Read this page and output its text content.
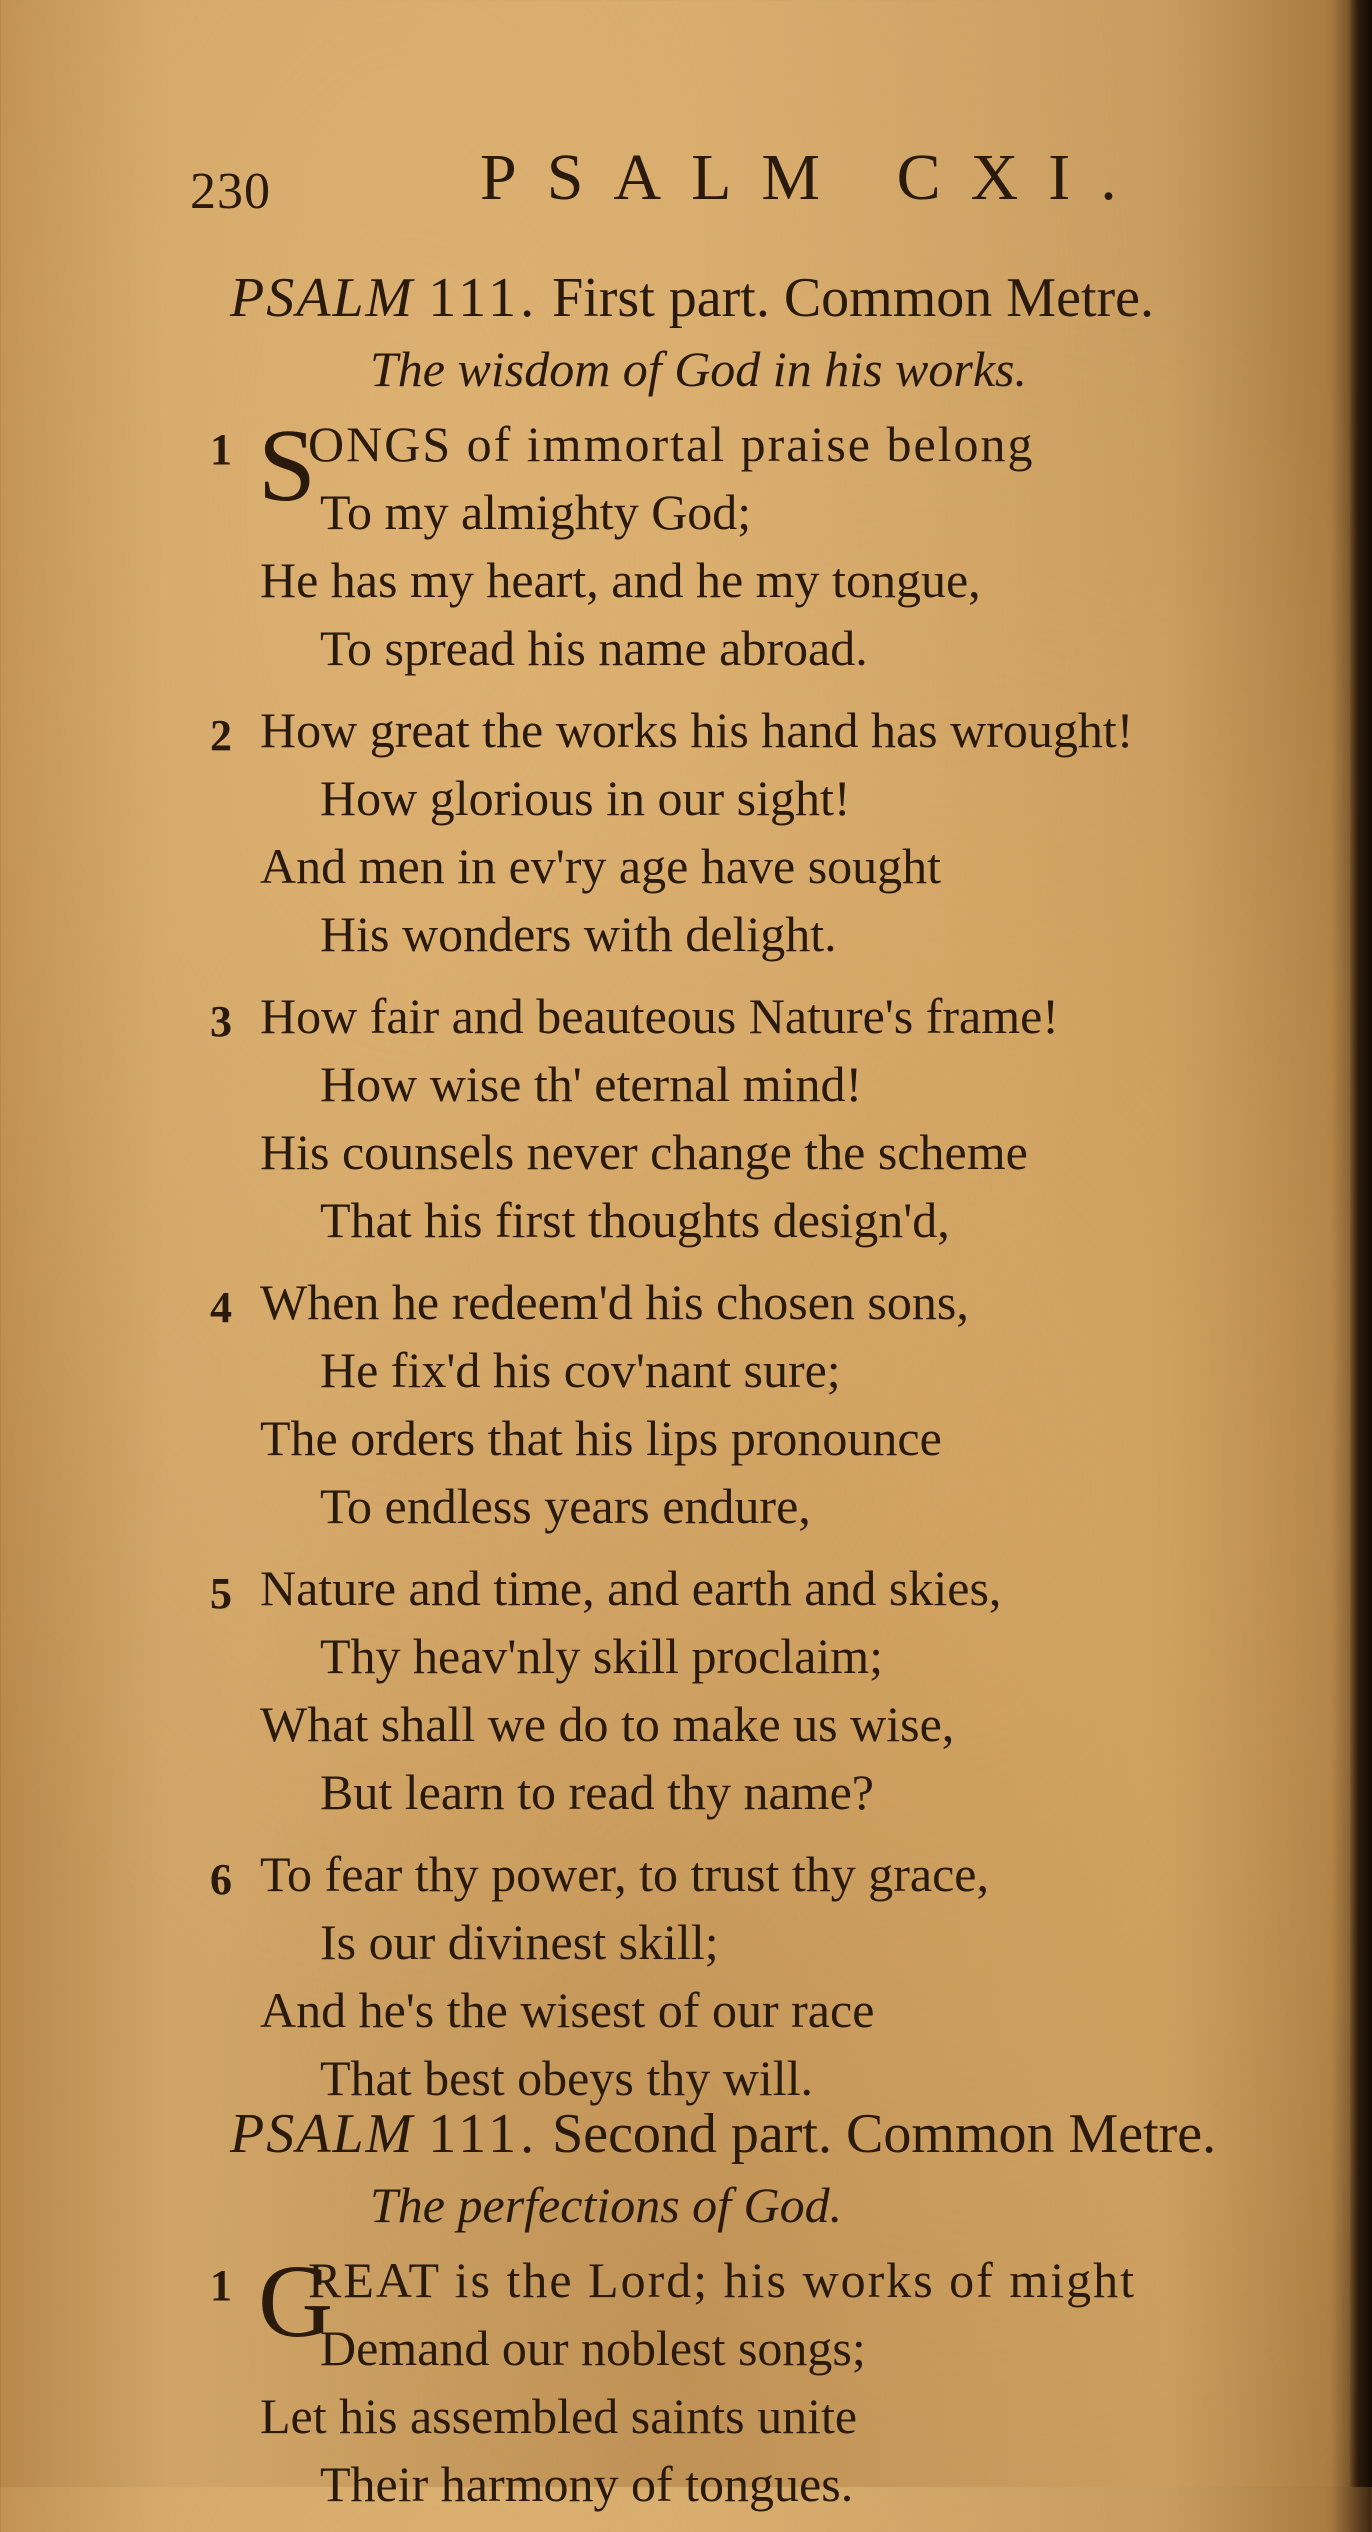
230	PSALM CXI.
PSALM 111. First part. Common Metre.
The wisdom of God in his works.
1 S
ONGS of immortal praise belong
To my almighty God;
He has my heart, and he my tongue,
To spread his name abroad.
2 How great the works his hand has wrought!
How glorious in our sight!
And men in ev'ry age have sought
His wonders with delight.
3 How fair and beauteous Nature's frame!
How wise th' eternal mind!
His counsels never change the scheme
That his first thoughts design'd,
4 When he redeem'd his chosen sons,
He fix'd his cov'nant sure;
The orders that his lips pronounce
To endless years endure,
5 Nature and time, and earth and skies,
Thy heav'nly skill proclaim;
What shall we do to make us wise,
But learn to read thy name?
6 To fear thy power, to trust thy grace,
Is our divinest skill;
And he's the wisest of our race
That best obeys thy will.
PSALM 111. Second part. Common Metre.
The perfections of God.
1 G
REAT is the Lord; his works of might
Demand our noblest songs;
Let his assembled saints unite
Their harmony of tongues.
